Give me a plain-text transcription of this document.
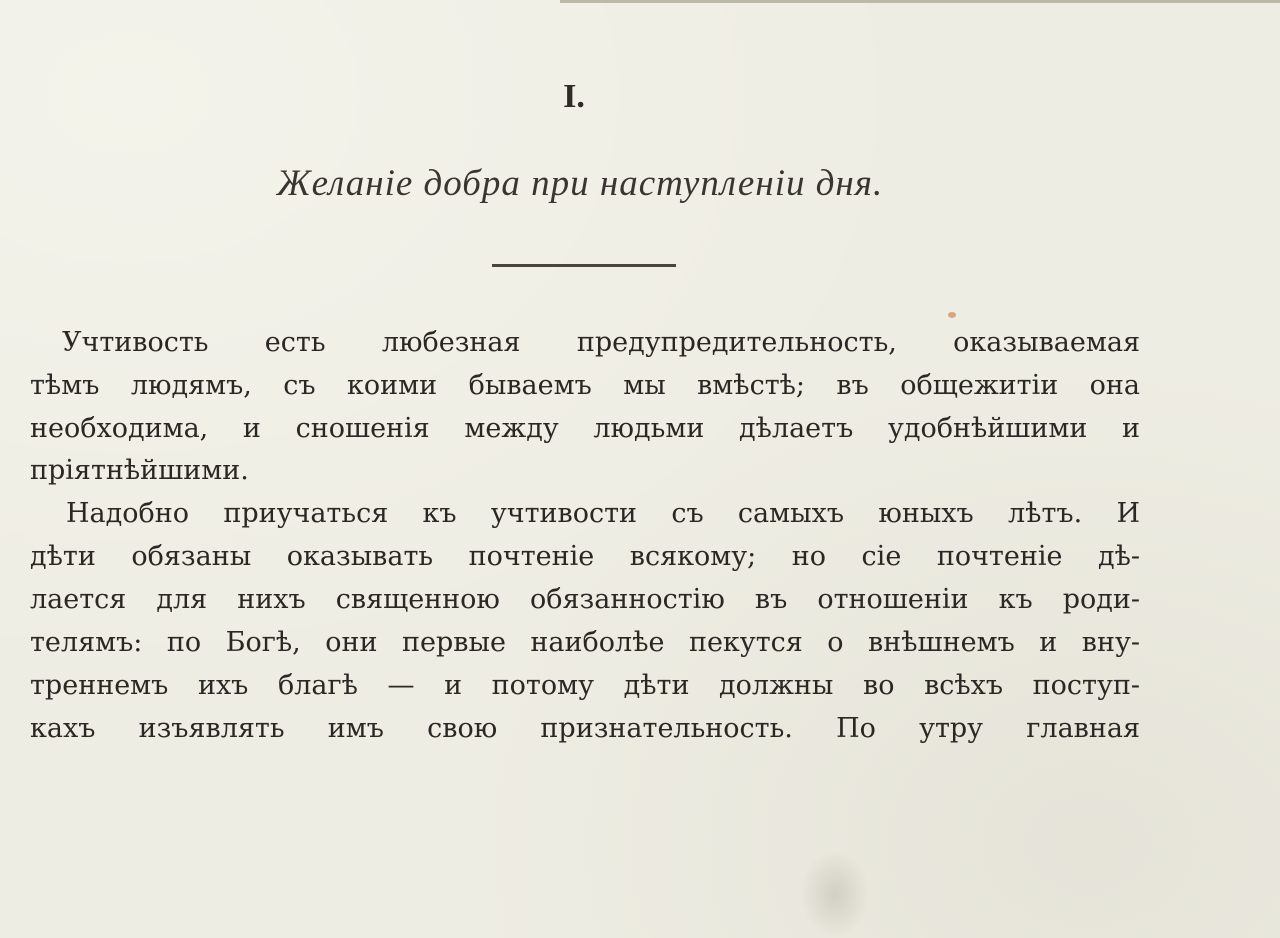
I.
Желаніе добра при наступленіи дня.
Учтивость есть любезная предупредительность, оказываемая
тѣмъ людямъ, съ коими бываемъ мы вмѣстѣ; въ общежитіи она
необходима, и сношенія между людьми дѣлаетъ удобнѣйшими и
пріятнѣйшими.
Надобно приучаться къ учтивости съ самыхъ юныхъ лѣтъ. И
дѣти обязаны оказывать почтеніе всякому; но сіе почтеніе дѣ-
лается для нихъ священною обязанностію въ отношеніи къ роди-
телямъ: по Богѣ, они первые наиболѣе пекутся о внѣшнемъ и вну-
треннемъ ихъ благѣ — и потому дѣти должны во всѣхъ поступ-
кахъ изъявлять имъ свою признательность. По утру главная
